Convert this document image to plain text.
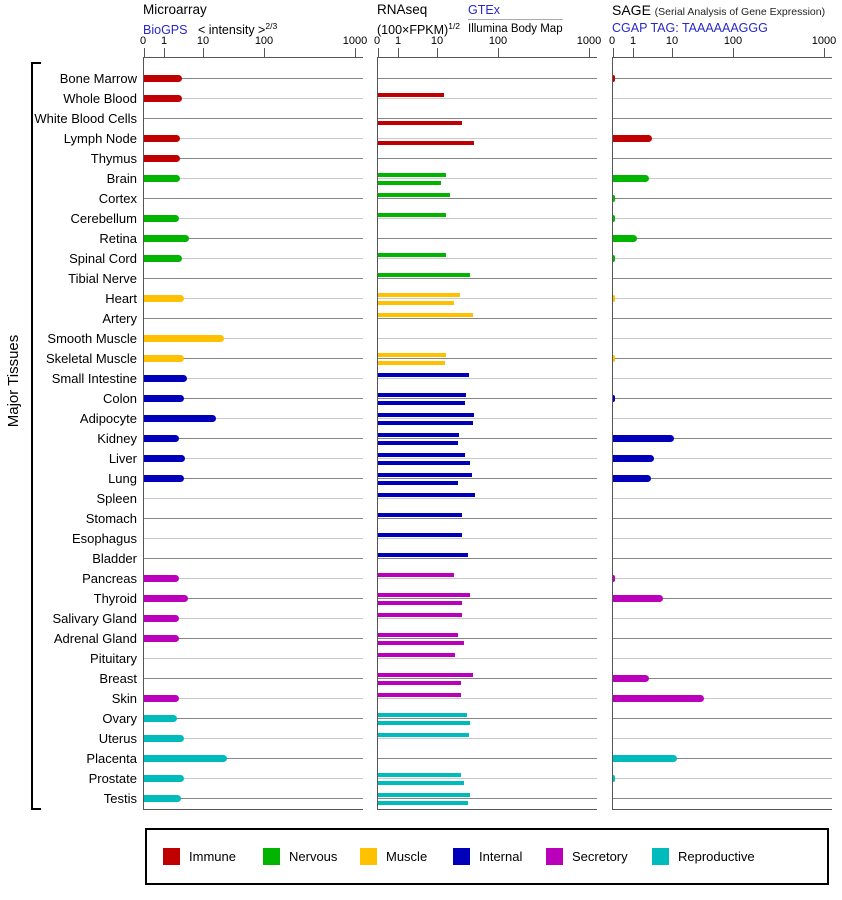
Major Tissues
Bone Marrow
Whole Blood
White Blood Cells
Lymph Node
Thymus
Brain
Cortex
Cerebellum
Retina
Spinal Cord
Tibial Nerve
Heart
Artery
Smooth Muscle
Skeletal Muscle
Small Intestine
Colon
Adipocyte
Kidney
Liver
Lung
Spleen
Stomach
Esophagus
Bladder
Pancreas
Thyroid
Salivary Gland
Adrenal Gland
Pituitary
Breast
Skin
Ovary
Uterus
Placenta
Prostate
Testis
Microarray
BioGPS < intensity >$^{2/3}$
RNAseq
(100×FPKM)$^{1/2}$
GTEx
Illumina Body Map
SAGE (Serial Analysis of Gene Expression)
CGAP TAG: TAAAAAAGGG
0	1	10	100	1000 0	1	10	100	1000 0	1	10	100	1000
Immune	Nervous	Muscle	Internal	Secretory	Reproductive
